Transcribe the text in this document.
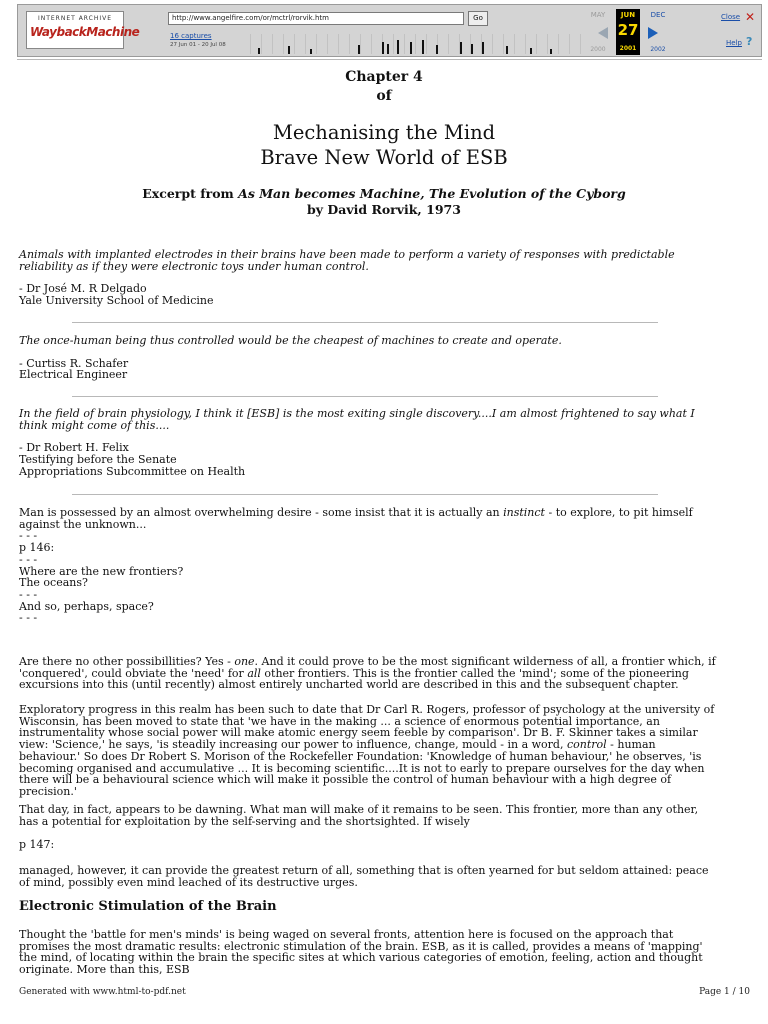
INTERNET ARCHIVE
WaybackMachine
http://www.angelfire.com/or/mctrl/rorvik.htm	Go
16 captures
27 Jun 01 - 20 Jul 08
MAY	DEC
2000	2002
JUN
27
2001
Close ✕
Help ?
Chapter 4
of
Mechanising the Mind
Brave New World of ESB
Excerpt from As Man becomes Machine, The Evolution of the Cyborg
by David Rorvik, 1973
Animals with implanted electrodes in their brains have been made to perform a variety of responses with predictable reliability as if they were electronic toys under human control.
- Dr José M. R Delgado
Yale University School of Medicine
The once-human being thus controlled would be the cheapest of machines to create and operate.
- Curtiss R. Schafer
Electrical Engineer
In the field of brain physiology, I think it [ESB] is the most exiting single discovery....I am almost frightened to say what I think might come of this....
- Dr Robert H. Felix
Testifying before the Senate
Appropriations Subcommittee on Health
Man is possessed by an almost overwhelming desire - some insist that it is actually an instinct - to explore, to pit himself against the unknown...
- - -
p 146:
- - -
Where are the new frontiers?
The oceans?
- - -
And so, perhaps, space?
- - -
Are there no other possibillities? Yes - one. And it could prove to be the most significant wilderness of all, a frontier which, if 'conquered', could obviate the 'need' for all other frontiers. This is the frontier called the 'mind'; some of the pioneering excursions into this (until recently) almost entirely uncharted world are described in this and the subsequent chapter.
Exploratory progress in this realm has been such to date that Dr Carl R. Rogers, professor of psychology at the university of Wisconsin, has been moved to state that 'we have in the making ... a science of enormous potential importance, an instrumentality whose social power will make atomic energy seem feeble by comparison'. Dr B. F. Skinner takes a similar view: 'Science,' he says, 'is steadily increasing our power to influence, change, mould - in a word, control - human behaviour.' So does Dr Robert S. Morison of the Rockefeller Foundation: 'Knowledge of human behaviour,' he observes, 'is becoming organised and accumulative ... It is becoming scientific....It is not to early to prepare ourselves for the day when there will be a behavioural science which will make it possible the control of human behaviour with a high degree of precision.'
That day, in fact, appears to be dawning. What man will make of it remains to be seen. This frontier, more than any other, has a potential for exploitation by the self-serving and the shortsighted. If wisely
p 147:
managed, however, it can provide the greatest return of all, something that is often yearned for but seldom attained: peace of mind, possibly even mind leached of its destructive urges.
Electronic Stimulation of the Brain
Thought the 'battle for men's minds' is being waged on several fronts, attention here is focused on the approach that promises the most dramatic results: electronic stimulation of the brain. ESB, as it is called, provides a means of 'mapping' the mind, of locating within the brain the specific sites at which various categories of emotion, feeling, action and thought originate. More than this, ESB
Generated with www.html-to-pdf.net	Page 1 / 10
